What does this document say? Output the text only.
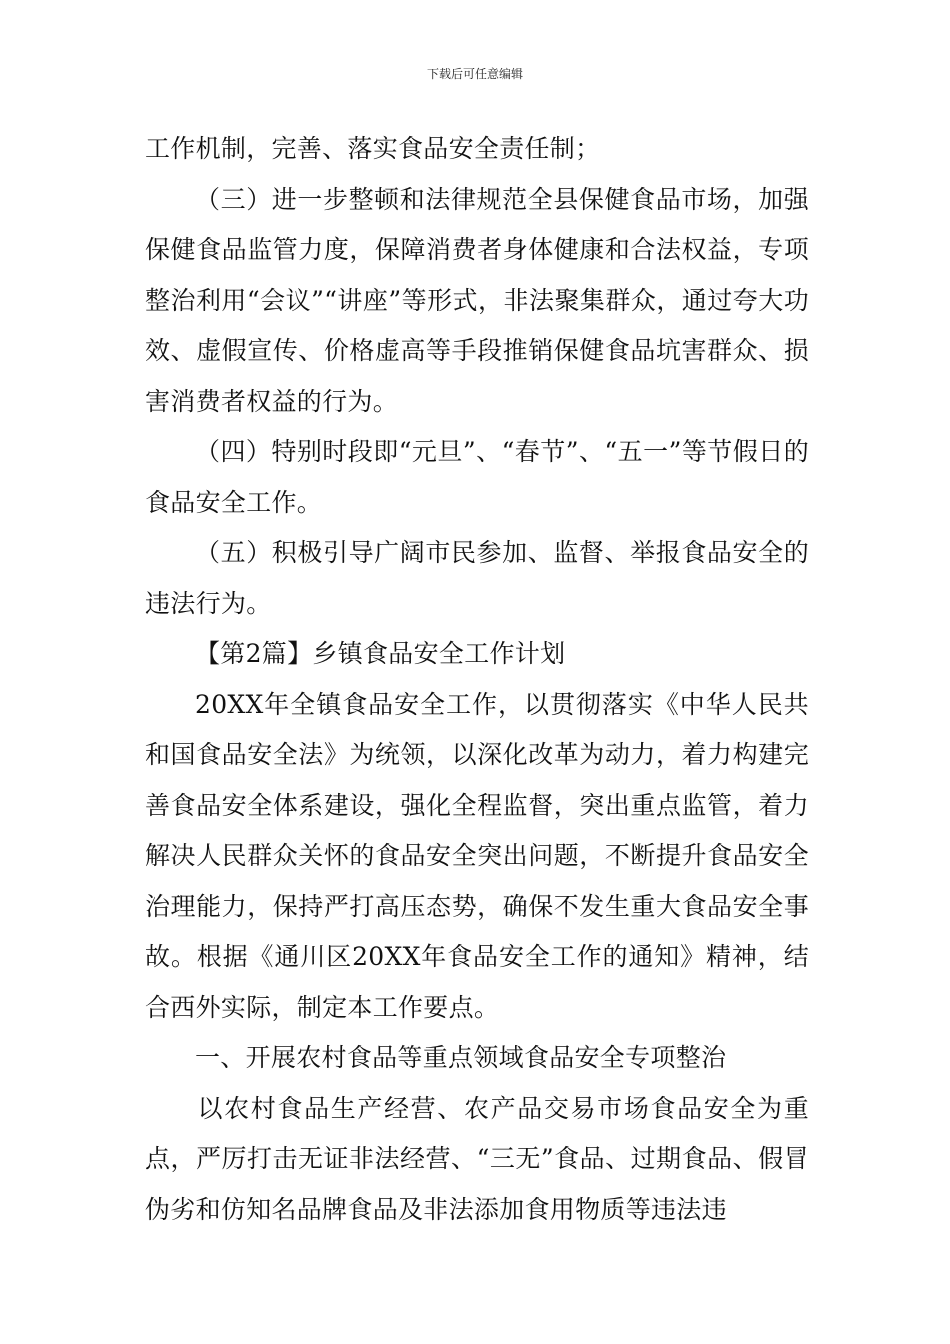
下载后可任意编辑

工作机制，完善、落实食品安全责任制；

（三）进一步整顿和法律规范全县保健食品市场，加强保健食品监管力度，保障消费者身体健康和合法权益，专项整治利用“会议”“讲座”等形式，非法聚集群众，通过夸大功效、虚假宣传、价格虚高等手段推销保健食品坑害群众、损害消费者权益的行为。

（四）特别时段即“元旦”、“春节”、“五一”等节假日的食品安全工作。

（五）积极引导广阔市民参加、监督、举报食品安全的违法行为。

【第2篇】乡镇食品安全工作计划

20XX年全镇食品安全工作，以贯彻落实《中华人民共和国食品安全法》为统领，以深化改革为动力，着力构建完善食品安全体系建设，强化全程监督，突出重点监管，着力解决人民群众关怀的食品安全突出问题，不断提升食品安全治理能力，保持严打高压态势，确保不发生重大食品安全事故。根据《通川区20XX年食品安全工作的通知》精神，结合西外实际，制定本工作要点。

一、开展农村食品等重点领域食品安全专项整治

以农村食品生产经营、农产品交易市场食品安全为重点，严厉打击无证非法经营、“三无”食品、过期食品、假冒伪劣和仿知名品牌食品及非法添加食用物质等违法违
